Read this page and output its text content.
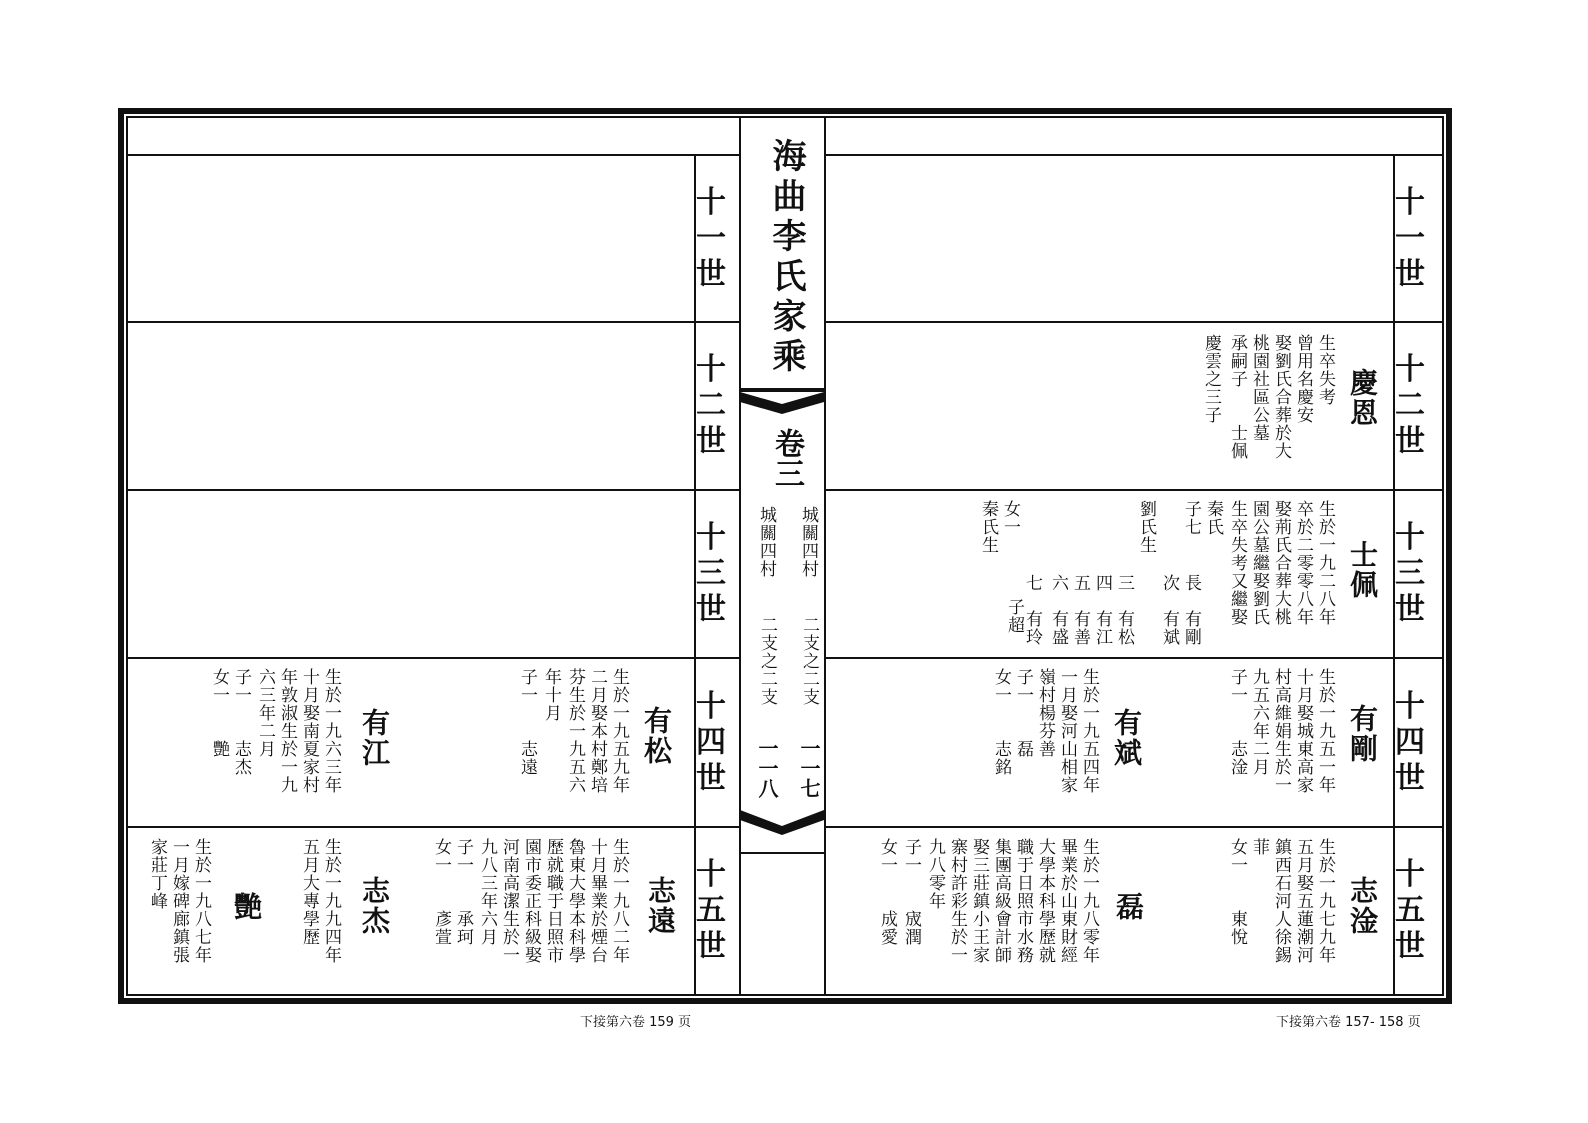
十一世
十二世
十三世
十四世
十五世
海曲李氏家乘
卷三
城關四村
城關四村
二支之二支
二支之二支
一一七
一一八
十一世
十二世
十三世
十四世
十五世
慶恩
生卒失考
曾用名慶安
娶劉氏合葬於大
桃園社區公墓
承嗣子　　士佩
慶雲之三子
士佩
生於一九二八年
卒於二零零八年
娶荊氏合葬大桃
園公墓繼娶劉氏
生卒失考又繼娶
秦氏
子七
劉氏生
長　有剛
次　有斌
三　有松
四　有江
五　有善
六　有盛
七　有玲
子超
女一
秦氏生
有剛
生於一九五一年
十月娶城東高家
村高維娟生於一
九五六年二月
子一　　志淦
有斌
生於一九五四年
一月娶河山相家
嶺村楊芬善
子一　　磊
女一　　志銘
志淦
生於一九七九年
五月娶五蓮潮河
鎮西石河人徐錫
菲
女一　　東悅
磊
生於一九八零年
畢業於山東財經
大學本科學歷就
職于日照市水務
集團高級會計師
娶三莊鎮小王家
寨村許彩生於一
九八零年
子一　　宬潤
女一　　成愛
有松
生於一九五九年
二月娶本村鄭培
芬生於一九五六
年十月
子一　　志遠
有江
生於一九六三年
十月娶南夏家村
年敦淑生於一九
六三年二月
子一　　志杰
女一　　艷
志遠
生於一九八二年
十月畢業於煙台
魯東大學本科學
歷就職于日照市
園市委正科級娶
河南高潔生於一
九八三年六月
子一　　承珂
女一　　彥萱
志杰
生於一九九四年
五月大專學歷
艷
生於一九八七年
一月嫁碑廊鎮張
家莊丁峰
下接第六卷 159 页	下接第六卷 157- 158 页
